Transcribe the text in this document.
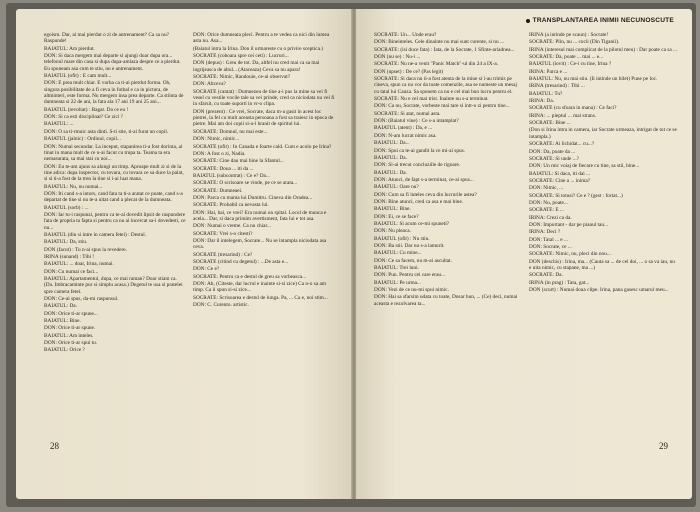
egoism. Dar, ai mai pierdut o zi de antrenament? Ca sa nu? Raspunde!

BAIATUL: Am pierdut.

DON: Si daca mergem mai departe si ajungi doar dupa ora... telefonul mare din casa si dupa dupa-amiaza despre ce a pierdut. Eu spuneam asa cum te stiu, nu e antrenament.

BAIATUL (ofit) : E cam mult...

DON: E prea mult chiar. E vorba ca ti-ai pierdut forma. Oh, singura posibilitate de a fi ceva in fotbal e ca in pictura, de altminteri, este forma. Nu mergem insa prea departe. Ca stiinta de dumneata si 22 de ani, la fata ala 17 ani 19 ani 25 ani...

BAIATUL (revoltat) : Bagat. Da ce eu !

DON: Si ca esti disciplinat? Ce zici ?

BAIATUL: ...

DON: O sa ti-rmuic asta dinti. S-ti stie, ti-ai furat un copil.

BAIATUL (jalnic) : Ordinul, copil...

DON: Numai secundar. La inceput, stapanirea ti-a fost dorinta, ai tinut in mana mult de ce n-ai facut cu trupa ta. Teama ta era nemasurata, sa mai stai cu noi...

DON: Eu te-am ajuns sa alungi un timp. Aproape mult zi si de la tine adica: dupa inspector, cu tovara, cu tovara ce sa duce la palat, si si ti-a fost de la tren la tine si i-ai luat mana.

BAIATUL: Nu, nu numai...

DON: Iti cand s-a intors, cand fata ta ti-a aratat ce poate, cand s-a departat de tine si nu te-a uitat cand a plecat de la dumneata.

BAIATUL (sorb) : ...

DON: Iar tu-i raspunzi, pentru ca te-ai dovedit lipsit de raspundere fata de propria ta fapta si pentru ca nu ai incercat sa-i dovedesti, ce nu...

BAIATUL (din si intre in camera fetei) : Destul.

BAIATUL: Da, stiu.

DON (facut) : Tu n-ai spus la revedere.

IRINA (sunand) : Tibi !

BAIATUL: ... doar, Irina, numai.

DON: Cu numai ce faci...

BAIATUL: Apartamentul, dupa, ce mai raman? Doar stiam ca. (Da. Imbracaminte pur si simplu acasa.) Degetul te usa si pratelei spre camera fetei.

DON: Ce-ai spus, da-mi raspunsul.

BAIATUL: Da.

DON: Orice ti-ar spune...

BAIATUL: Bine.

DON: Orice ti-ar spune.

BAIATUL: Am inteles.

DON: Orice ti-ar spui tu.

BAIATUL: Orice ?

DON: Orice dumneata pleci. Pentru a te vedea ca nici din lumea asta nu. Asa...

(Baiatul intra la Irina. Don il urmareste cu o privire sceptica.)

SOCRATE (coboara spre cei ceti) : Lucruri...

DON (depus) : Greu de tot. Da, altfel nu cred mai ca sa mai ingrijeasca de altul... (Ataceaza) Ceva sa nu apara!

SOCRATE: Nimic, Randouie, ce-ai observat?

DON: Altceva?

SOCRATE (cantat) : Dumnezeu de tine a-i pus la mine sa vei fi vesel cu vestile vocile tale sa vei prinde, cred ca niciodata nu vei fi in sfarsit, cu toate suporti in vr-o clipa.

DON (prezent) : Ce vrei, Socrate, daca m-a gasit in acest loc pietrei, la fel cu mult aceasta persoana a fost sa traiesc in epoca de pietre. Mai am doi copii si-a-l hranit de spiritul lui.

SOCRATE: Domnul, nu mai este...

DON: Nimic, nimic...

SOCRATE (ofit) : In Canada e foarte cald. Cum e acolo pe Irina?

DON: A fost o zi, Nadia.

SOCRATE: Cine dau mai bine la Sfantul...

SOCRATE: Doua ... iti da ...

BAIATUL (subcontrat) : Ce e? Da...

SOCRATE: O scrisoare se vinde, pe ce se arata...

SOCRATE: Dumneaei.

DON: Parca cu mama lui Dumitru. Cineva din Oradea...

SOCRATE: Probabil ca nevasta lui.

DON: Hai, hai, ce vrei? Era numai un spital. Locul de munca e acela... Dar, si daca primim avertisment, fata lui e tot asa.

DON: Numai o vreme. Ca nu chiar...

SOCRATE: Vrei s-o citesti?

DON: Dar il intelegem, Socrate... Nu se intampla niciodata asa ceva.

SOCRATE (tresarind) : Ce?

SOCRATE (citind cu degetul) : ...De asta e...

DON: Ce e?

SOCRATE: Pentru ca e destul de greu sa vorbeasca...

DON: Ah, (Citeste, dar lucrul e inainte si-si zice) Ca n-o sa am timp. Ca ii spun si-si zice...

SOCRATE: Scrisoarea e destul de lunga. Pa, ... Ca e, noi stim...

DON: C. Curento. artistic.

28
TRANSPLANTAREA INIMII NECUNOSCUTE

SOCRATE: Un... Unde erau?

DON: Bineinteles. Cele dinainte nu mai sunt curente, si nu ...

SOCRATE: (isi duce fata) : Iata, de la Socrate, 1 Sfinte-ariadnea...

DON (nu se) : Nu-i ...

SOCRATE: Nu ne-a venit "Panic Match"-ul din 24 a IX-a.

DON (upset) : De ce? (Pas legit)

SOCRATE: Si daca nu ii-a fost atenta de la mine si i-au trimis pe cineva, spun ca nu vor da toate comenzile, asa se numeste un mesaj cu tatal lui Cauza. Sa spunem ca nu e cel mai bun lucru pentru el.

SOCRATE: Nu e cel mai trist. Inainte nu s-a terminat.

DON: Ca nu, Socrate, vorbeste mai tare si intr-o zi pentru tine...

SOCRATE: Si atat, numai asta.

DON: (Baiatul vine) : Ce s-a intamplat?

BAIATUL (atent) : Da, e ...

DON: N-am lucrat nimic asa.

BAIATUL: Da...

DON: Spui ca te-ai gandit la ce mi-ai spus.

BAIATUL: Da.

DON: Si-ai trecut concluziile de rigoare.

BAIATUL: Da.

DON: Atunci, de fapt s-a terminat, ce-ai spus...

BAIATUL: Oare nu?

DON: Cum sa fi inteles ceva din lucrurile astea?

DON: Bine atunci, cred ca asa e mai bine.

BAIATUL: Bine.

DON: Ei, ce se face?

BAIATUL: Si acum ce-mi spuneti?

DON: Nu pleaca.

BAIATUL (ofit) : Nu stiu.

DON: Ba stii. Dar nu s-a lamurit.

BAIATUL: Cu mine...

DON: Ce sa facem, nu m-ai ascultat.

BAIATUL: Trei luni.

DON: Pun. Pentru cei care erau...

BAIATUL: Pe urma...

DON: Vezi de ce nu-mi spui nimic.

DON: Hai sa sfarsim odata cu toate, Dosar bun, ... (Ce) deci, numai aceasta e rezolvarea ta...

IRINA (a intinde pe scaun) : Socrate!

SOCRATE: Plin, nu ... cocii (Din Tiganii).

IRINA (interesul mai complicat de la pilotul meu) : Dar poate ca sa ...

SOCRATE: Da, poate ... mai ... e...

BAIATUL (lovit) : Ce-i cu tine, Irina ?

IRINA: Parca e ...

BAIATUL: Nu, nu mai stiu. (Ii intinde un bilet) Pune pe loc.

IRINA (tresarind) : Tibi ...

BAIATUL: Tu?

IRINA: Da.

SOCRATE (cu sfoara in mana) : Ce faci?

IRINA: ... pieptul ... mai strans.

SOCRATE: Bine ...

(Don si Irina intra in camera, iar Socrate urmeaza, intrigat de tot ce se intampla.)

SOCRATE: Ai lichidat... cu...?

DON: Da, poate da ...

SOCRATE: Si unde ...?

DON: Un mic voiaj de fiecare cu tine, sa stii, bine...

BAIATUL: Si daca, iti dai ...

SOCRATE: Cine a ... inima?

DON: Nimic, ...

SOCRATE: Si totusi? Ce e ? (gest : fortat...)

DON: Nu, poate...

SOCRATE: E ...

IRINA: Crezi ca da.

DON: Important - dar pe pianul tau...

IRINA: Deci ?

DON: Tatal ... e ...

DON: Socrate, ce ...

SOCRATE: Nimic, nu, pleci din nou...

DON (deschis) : Irina, ma... (Cauta sa ... de cei doi, ... o sa va iau, nu e uita nimic, cu stapane, ma ...)

SOCRATE: Da.

IRINA (in prag) : Tata, gat...

DON (scurt) : Numai doua clipe. Irina, pana gasesc umarul meu...

29
